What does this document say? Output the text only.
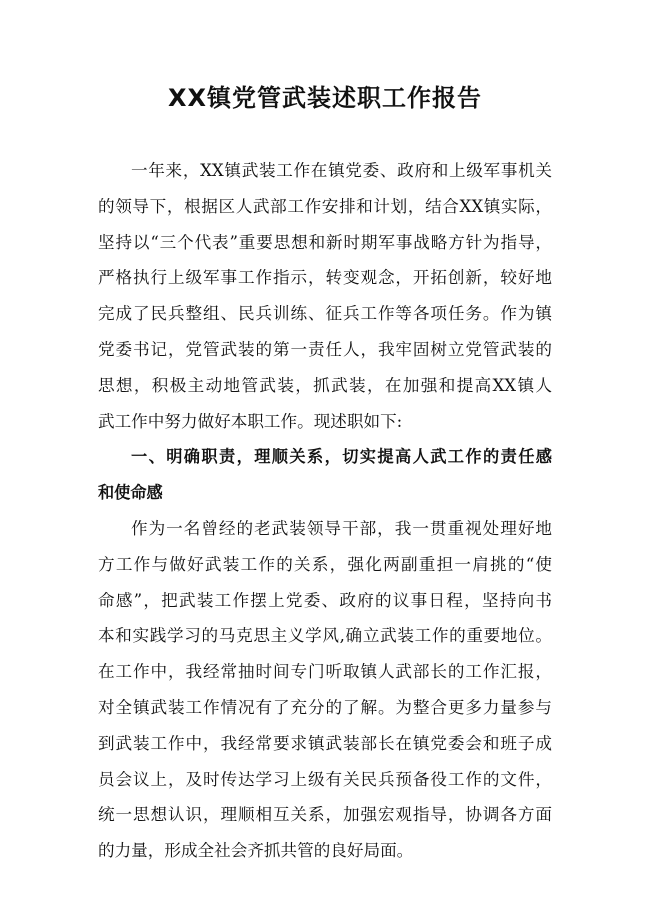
XX镇党管武装述职工作报告
一年来，XX镇武装工作在镇党委、政府和上级军事机关
的领导下，根据区人武部工作安排和计划，结合XX镇实际，
坚持以“三个代表”重要思想和新时期军事战略方针为指导，
严格执行上级军事工作指示，转变观念，开拓创新，较好地
完成了民兵整组、民兵训练、征兵工作等各项任务。作为镇
党委书记，党管武装的第一责任人，我牢固树立党管武装的
思想，积极主动地管武装，抓武装，在加强和提高XX镇人
武工作中努力做好本职工作。现述职如下:
一、明确职责，理顺关系，切实提高人武工作的责任感
和使命感
作为一名曾经的老武装领导干部，我一贯重视处理好地
方工作与做好武装工作的关系，强化两副重担一肩挑的“使
命感”，把武装工作摆上党委、政府的议事日程，坚持向书
本和实践学习的马克思主义学风,确立武装工作的重要地位。
在工作中，我经常抽时间专门听取镇人武部长的工作汇报，
对全镇武装工作情况有了充分的了解。为整合更多力量参与
到武装工作中，我经常要求镇武装部长在镇党委会和班子成
员会议上，及时传达学习上级有关民兵预备役工作的文件，
统一思想认识，理顺相互关系，加强宏观指导，协调各方面
的力量，形成全社会齐抓共管的良好局面。
